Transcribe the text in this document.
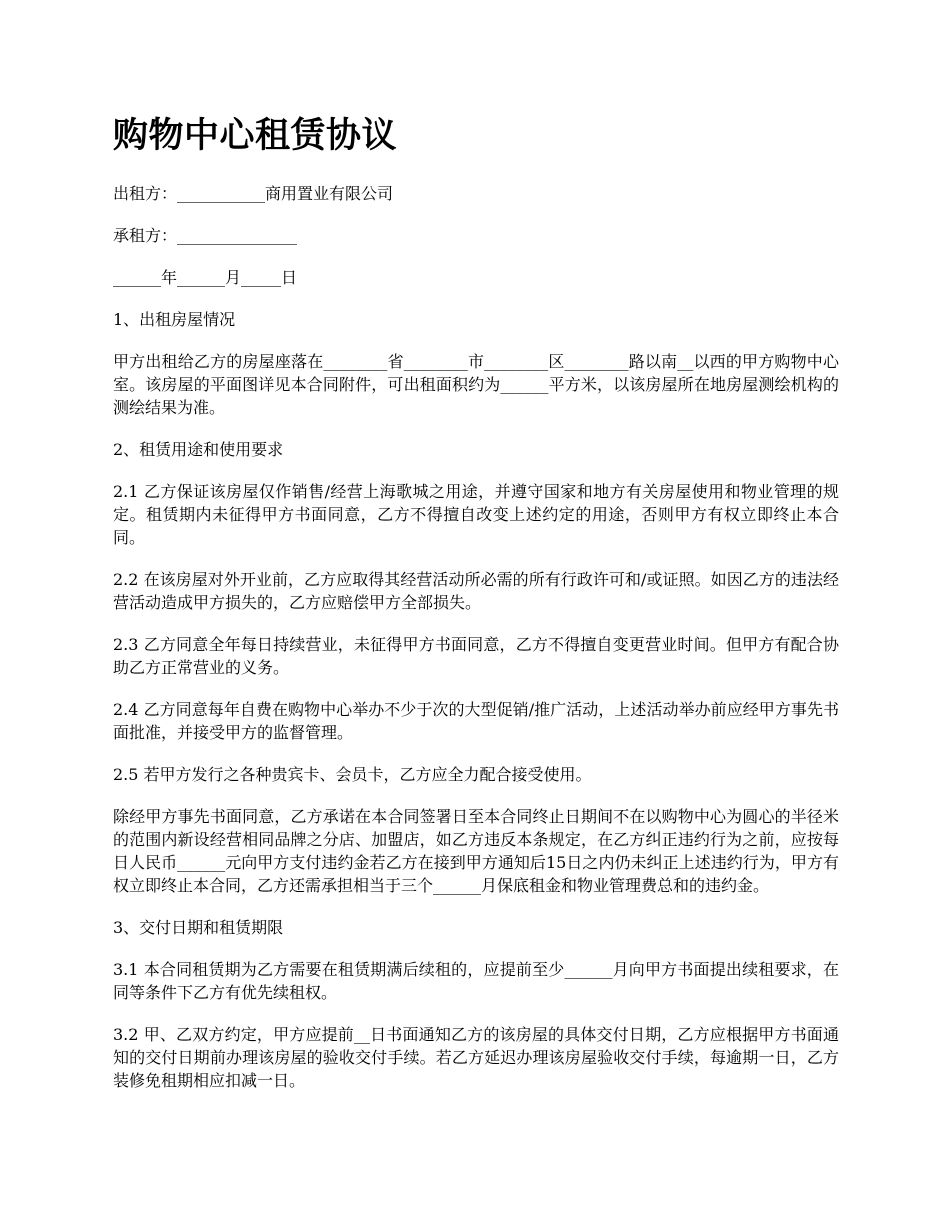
购物中心租赁协议

出租方：___________商用置业有限公司

承租方：_______________

______年______月_____日

1、出租房屋情况

甲方出租给乙方的房屋座落在________省________市________区________路以南__以西的甲方购物中心室。该房屋的平面图详见本合同附件，可出租面积约为______平方米，以该房屋所在地房屋测绘机构的测绘结果为准。

2、租赁用途和使用要求

2.1 乙方保证该房屋仅作销售/经营上海歌城之用途，并遵守国家和地方有关房屋使用和物业管理的规定。租赁期内未征得甲方书面同意，乙方不得擅自改变上述约定的用途，否则甲方有权立即终止本合同。

2.2 在该房屋对外开业前，乙方应取得其经营活动所必需的所有行政许可和/或证照。如因乙方的违法经营活动造成甲方损失的，乙方应赔偿甲方全部损失。

2.3 乙方同意全年每日持续营业，未征得甲方书面同意，乙方不得擅自变更营业时间。但甲方有配合协助乙方正常营业的义务。

2.4 乙方同意每年自费在购物中心举办不少于次的大型促销/推广活动，上述活动举办前应经甲方事先书面批准，并接受甲方的监督管理。

2.5 若甲方发行之各种贵宾卡、会员卡，乙方应全力配合接受使用。

除经甲方事先书面同意，乙方承诺在本合同签署日至本合同终止日期间不在以购物中心为圆心的半径米的范围内新设经营相同品牌之分店、加盟店，如乙方违反本条规定，在乙方纠正违约行为之前，应按每日人民币______元向甲方支付违约金若乙方在接到甲方通知后15日之内仍未纠正上述违约行为，甲方有权立即终止本合同，乙方还需承担相当于三个______月保底租金和物业管理费总和的违约金。

3、交付日期和租赁期限

3.1 本合同租赁期为乙方需要在租赁期满后续租的，应提前至少______月向甲方书面提出续租要求，在同等条件下乙方有优先续租权。

3.2 甲、乙双方约定，甲方应提前__日书面通知乙方的该房屋的具体交付日期，乙方应根据甲方书面通知的交付日期前办理该房屋的验收交付手续。若乙方延迟办理该房屋验收交付手续，每逾期一日，乙方装修免租期相应扣减一日。
